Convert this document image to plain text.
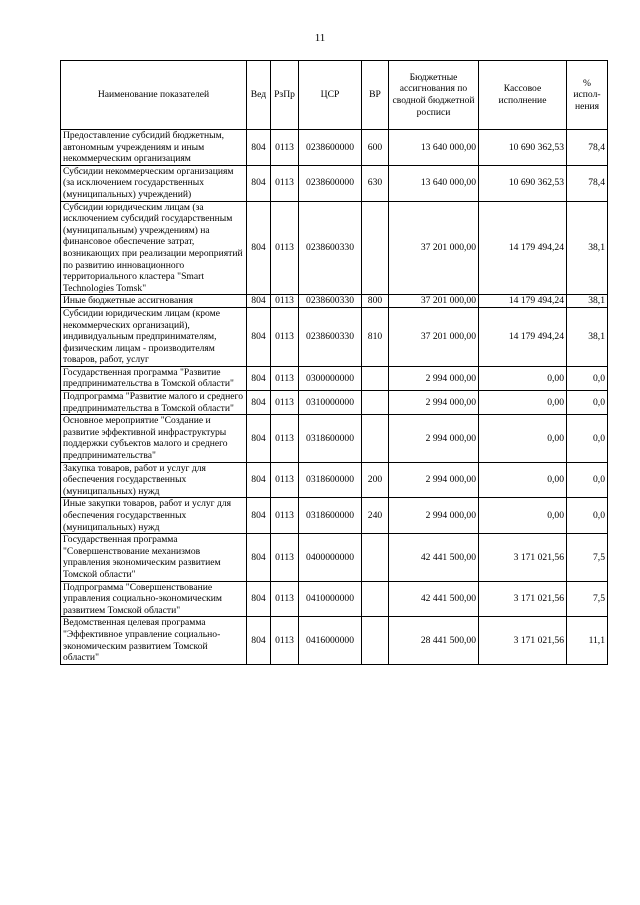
11
Наименование показателей	Вед	РзПр	ЦСР	ВР	Бюджетные ассигнования по сводной бюджетной росписи	Кассовое исполнение	% испол-нения
Предоставление субсидий бюджетным, автономным учреждениям и иным некоммерческим организациям	804	0113	0238600000	600	13 640 000,00	10 690 362,53	78,4
Субсидии некоммерческим организациям (за исключением государственных (муниципальных) учреждений)	804	0113	0238600000	630	13 640 000,00	10 690 362,53	78,4
Субсидии юридическим лицам (за исключением субсидий государственным (муниципальным) учреждениям) на финансовое обеспечение затрат, возникающих при реализации мероприятий по развитию инновационного территориального кластера "Smart Technologies Tomsk"	804	0113	0238600330		37 201 000,00	14 179 494,24	38,1
Иные бюджетные ассигнования	804	0113	0238600330	800	37 201 000,00	14 179 494,24	38,1
Субсидии юридическим лицам (кроме некоммерческих организаций), индивидуальным предпринимателям, физическим лицам - производителям товаров, работ, услуг	804	0113	0238600330	810	37 201 000,00	14 179 494,24	38,1
Государственная программа "Развитие предпринимательства в Томской области"	804	0113	0300000000		2 994 000,00	0,00	0,0
Подпрограмма "Развитие малого и среднего предпринимательства в Томской области"	804	0113	0310000000		2 994 000,00	0,00	0,0
Основное мероприятие "Создание и развитие эффективной инфраструктуры поддержки субъектов малого и среднего предпринимательства"	804	0113	0318600000		2 994 000,00	0,00	0,0
Закупка товаров, работ и услуг для обеспечения государственных (муниципальных) нужд	804	0113	0318600000	200	2 994 000,00	0,00	0,0
Иные закупки товаров, работ и услуг для обеспечения государственных (муниципальных) нужд	804	0113	0318600000	240	2 994 000,00	0,00	0,0
Государственная программа "Совершенствование механизмов управления экономическим развитием Томской области"	804	0113	0400000000		42 441 500,00	3 171 021,56	7,5
Подпрограмма "Совершенствование управления социально-экономическим развитием Томской области"	804	0113	0410000000		42 441 500,00	3 171 021,56	7,5
Ведомственная целевая программа "Эффективное управление социально-экономическим развитием Томской области"	804	0113	0416000000		28 441 500,00	3 171 021,56	11,1
